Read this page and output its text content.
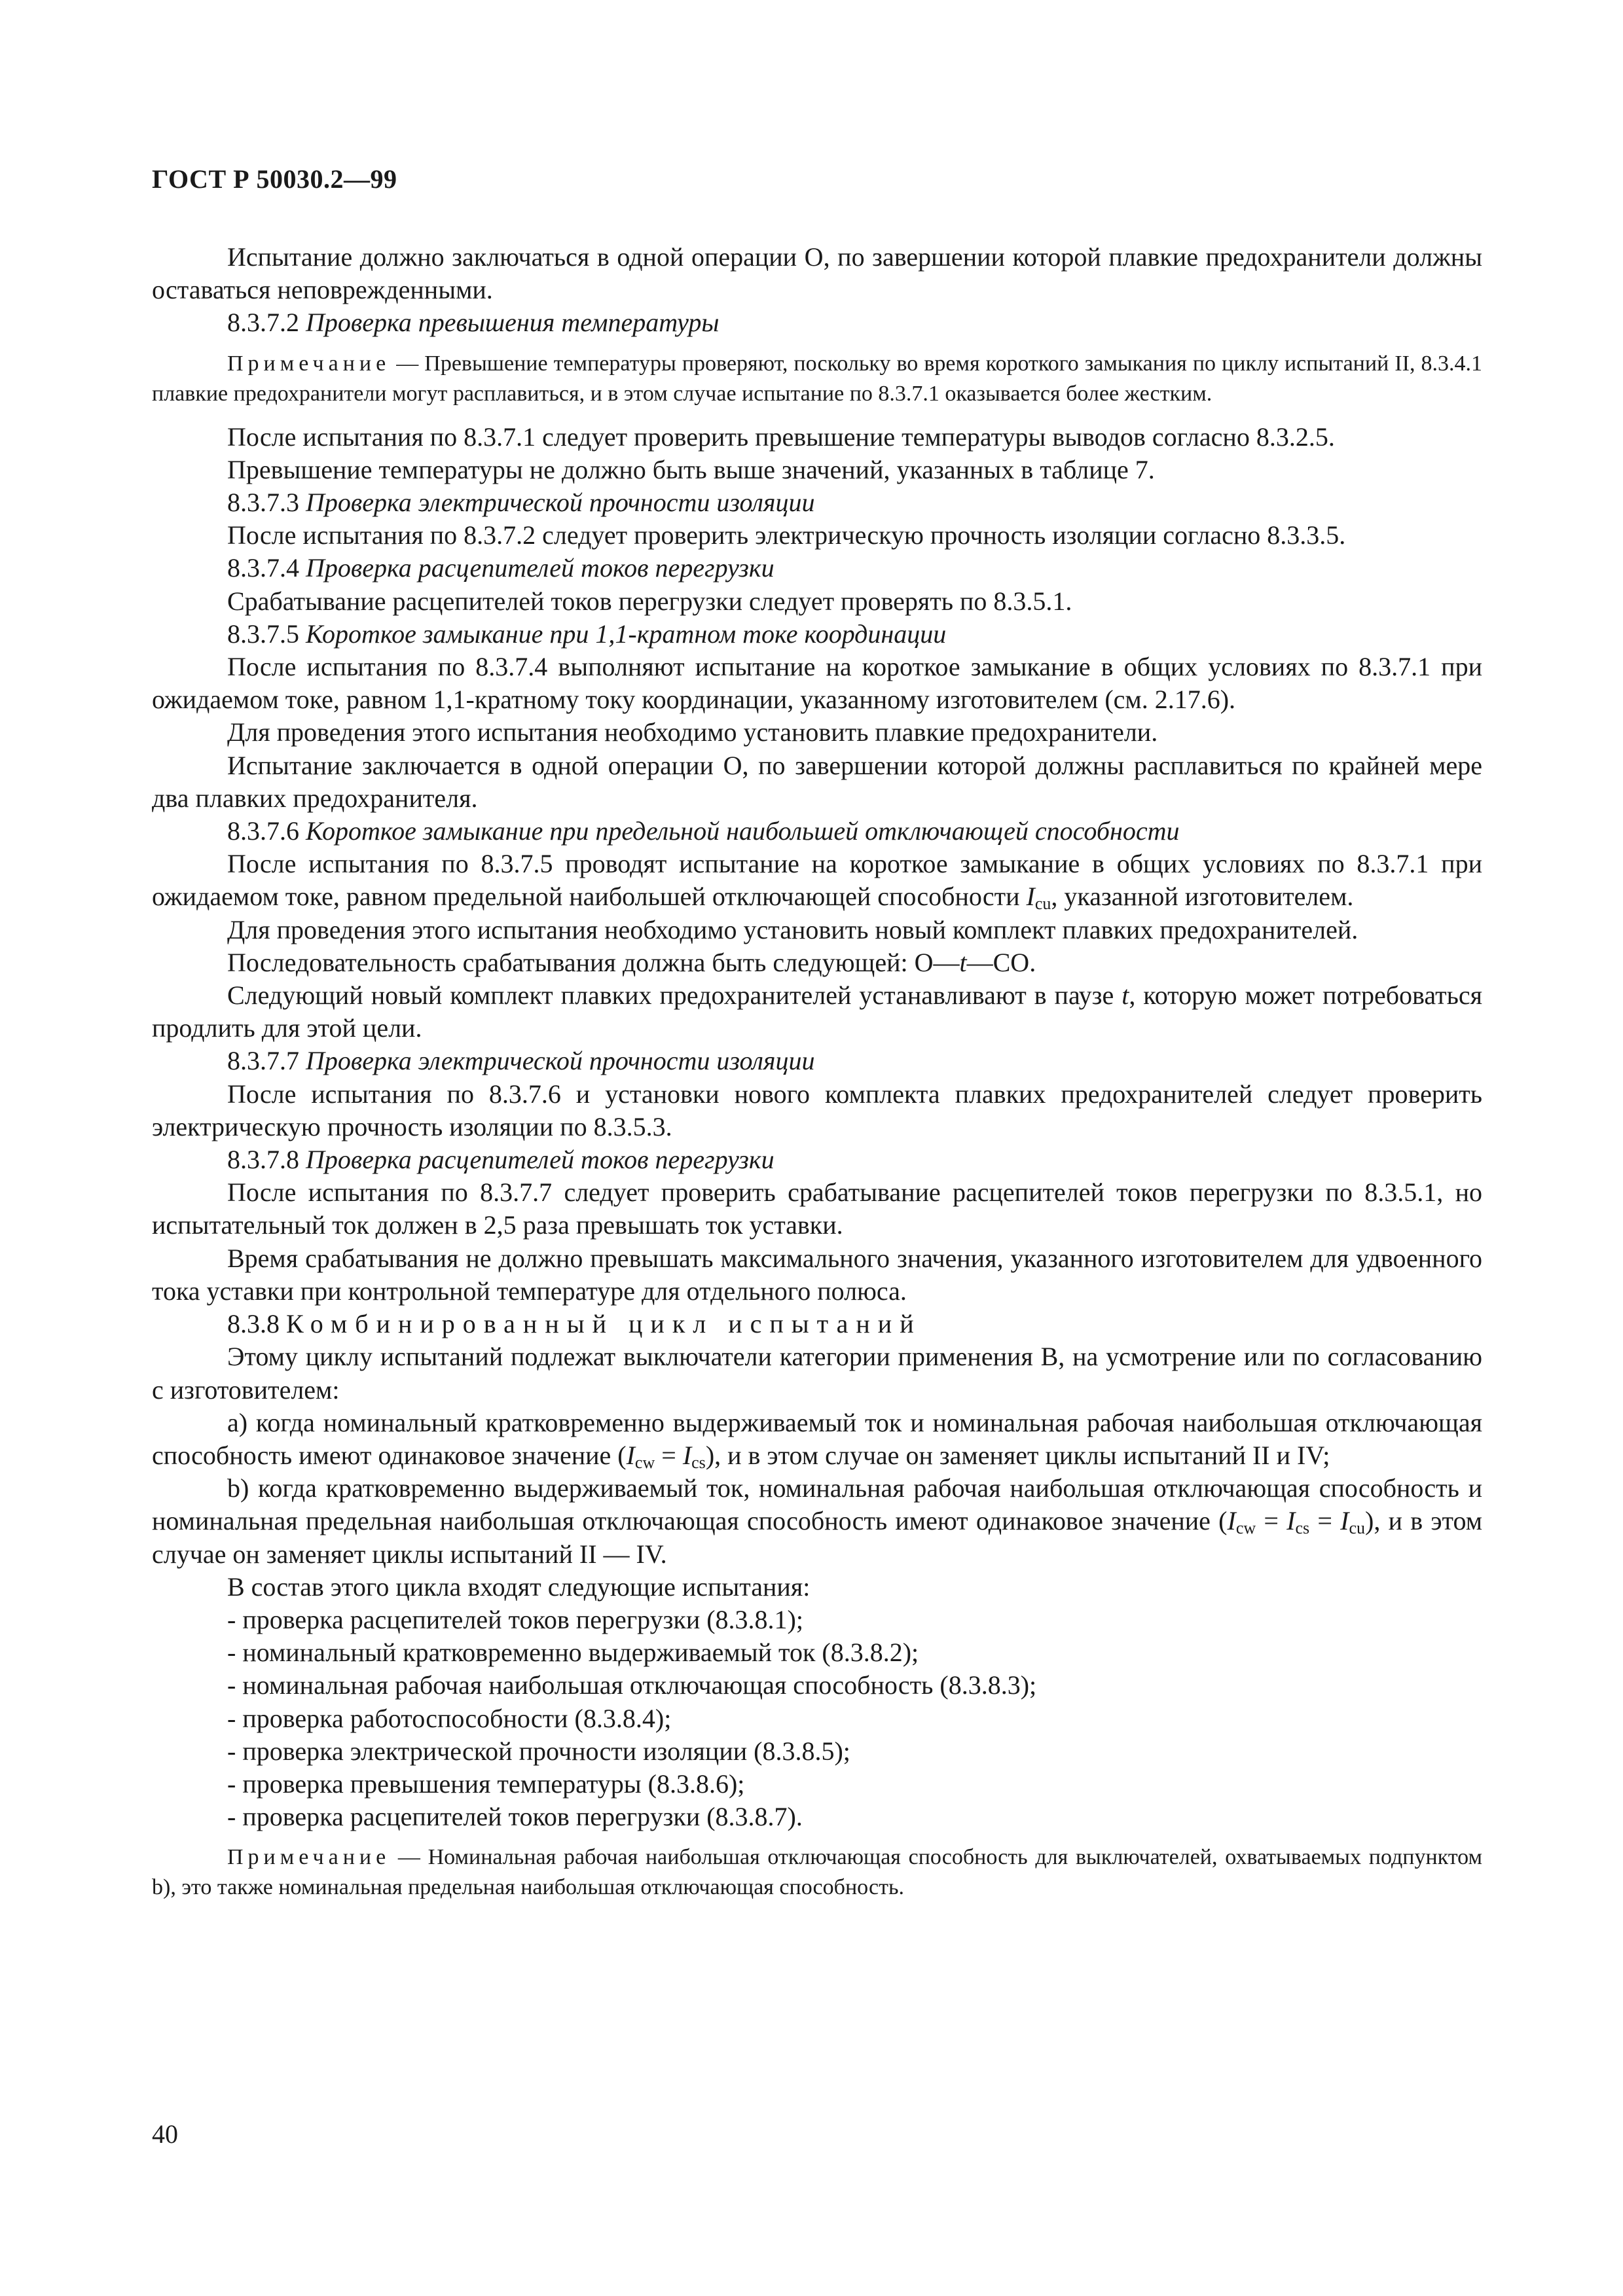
ГОСТ Р 50030.2—99

Испытание должно заключаться в одной операции О, по завершении которой плавкие предохранители должны оставаться неповрежденными.

8.3.7.2 Проверка превышения температуры

Примечание — Превышение температуры проверяют, поскольку во время короткого замыкания по циклу испытаний II, 8.3.4.1 плавкие предохранители могут расплавиться, и в этом случае испытание по 8.3.7.1 оказывается более жестким.

После испытания по 8.3.7.1 следует проверить превышение температуры выводов согласно 8.3.2.5.

Превышение температуры не должно быть выше значений, указанных в таблице 7.

8.3.7.3 Проверка электрической прочности изоляции

После испытания по 8.3.7.2 следует проверить электрическую прочность изоляции согласно 8.3.3.5.

8.3.7.4 Проверка расцепителей токов перегрузки

Срабатывание расцепителей токов перегрузки следует проверять по 8.3.5.1.

8.3.7.5 Короткое замыкание при 1,1-кратном токе координации

После испытания по 8.3.7.4 выполняют испытание на короткое замыкание в общих условиях по 8.3.7.1 при ожидаемом токе, равном 1,1-кратному току координации, указанному изготовителем (см. 2.17.6).

Для проведения этого испытания необходимо установить плавкие предохранители.

Испытание заключается в одной операции О, по завершении которой должны расплавиться по крайней мере два плавких предохранителя.

8.3.7.6 Короткое замыкание при предельной наибольшей отключающей способности

После испытания по 8.3.7.5 проводят испытание на короткое замыкание в общих условиях по 8.3.7.1 при ожидаемом токе, равном предельной наибольшей отключающей способности $I_{cu}$, указанной изготовителем.

Для проведения этого испытания необходимо установить новый комплект плавких предохранителей.

Последовательность срабатывания должна быть следующей: О—t—СО.

Следующий новый комплект плавких предохранителей устанавливают в паузе t, которую может потребоваться продлить для этой цели.

8.3.7.7 Проверка электрической прочности изоляции

После испытания по 8.3.7.6 и установки нового комплекта плавких предохранителей следует проверить электрическую прочность изоляции по 8.3.5.3.

8.3.7.8 Проверка расцепителей токов перегрузки

После испытания по 8.3.7.7 следует проверить срабатывание расцепителей токов перегрузки по 8.3.5.1, но испытательный ток должен в 2,5 раза превышать ток уставки.

Время срабатывания не должно превышать максимального значения, указанного изготовителем для удвоенного тока уставки при контрольной температуре для отдельного полюса.

8.3.8 Комбинированный цикл испытаний

Этому циклу испытаний подлежат выключатели категории применения В, на усмотрение или по согласованию с изготовителем:

а) когда номинальный кратковременно выдерживаемый ток и номинальная рабочая наибольшая отключающая способность имеют одинаковое значение $(I_{cw} = I_{cs})$, и в этом случае он заменяет циклы испытаний II и IV;

b) когда кратковременно выдерживаемый ток, номинальная рабочая наибольшая отключающая способность и номинальная предельная наибольшая отключающая способность имеют одинаковое значение $(I_{cw} = I_{cs} = I_{cu})$, и в этом случае он заменяет циклы испытаний II — IV.

В состав этого цикла входят следующие испытания:

- проверка расцепителей токов перегрузки (8.3.8.1);

- номинальный кратковременно выдерживаемый ток (8.3.8.2);

- номинальная рабочая наибольшая отключающая способность (8.3.8.3);

- проверка работоспособности (8.3.8.4);

- проверка электрической прочности изоляции (8.3.8.5);

- проверка превышения температуры (8.3.8.6);

- проверка расцепителей токов перегрузки (8.3.8.7).

Примечание — Номинальная рабочая наибольшая отключающая способность для выключателей, охватываемых подпунктом b), это также номинальная предельная наибольшая отключающая способность.

40
